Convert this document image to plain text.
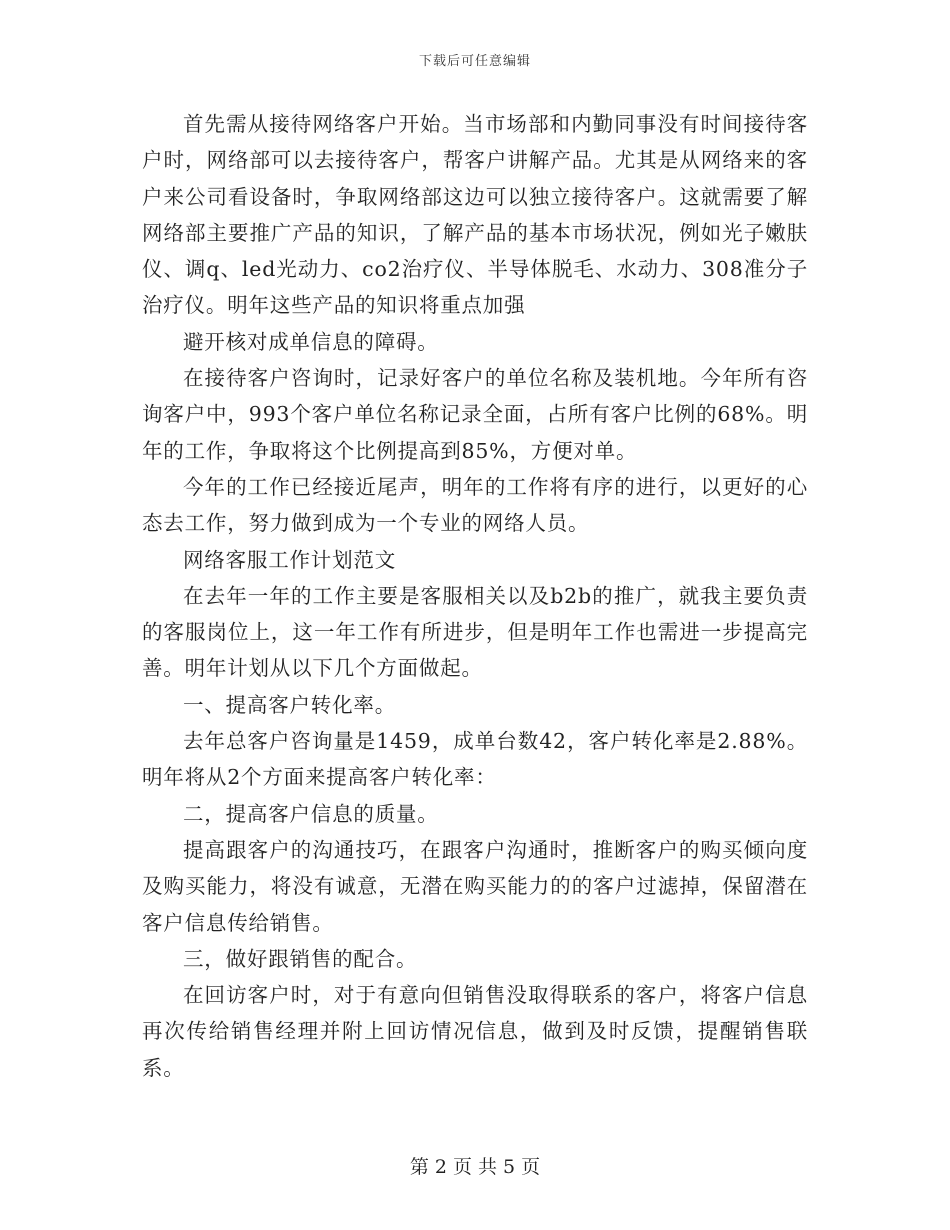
下载后可任意编辑

首先需从接待网络客户开始。当市场部和内勤同事没有时间接待客户时，网络部可以去接待客户，帮客户讲解产品。尤其是从网络来的客户来公司看设备时，争取网络部这边可以独立接待客户。这就需要了解网络部主要推广产品的知识，了解产品的基本市场状况，例如光子嫩肤仪、调q、led光动力、co2治疗仪、半导体脱毛、水动力、308准分子治疗仪。明年这些产品的知识将重点加强

避开核对成单信息的障碍。

在接待客户咨询时，记录好客户的单位名称及装机地。今年所有咨询客户中，993个客户单位名称记录全面，占所有客户比例的68%。明年的工作，争取将这个比例提高到85%，方便对单。

今年的工作已经接近尾声，明年的工作将有序的进行，以更好的心态去工作，努力做到成为一个专业的网络人员。

网络客服工作计划范文

在去年一年的工作主要是客服相关以及b2b的推广，就我主要负责的客服岗位上，这一年工作有所进步，但是明年工作也需进一步提高完善。明年计划从以下几个方面做起。

一、提高客户转化率。

去年总客户咨询量是1459，成单台数42，客户转化率是2.88%。明年将从2个方面来提高客户转化率：

二，提高客户信息的质量。

提高跟客户的沟通技巧，在跟客户沟通时，推断客户的购买倾向度及购买能力，将没有诚意，无潜在购买能力的的客户过滤掉，保留潜在客户信息传给销售。

三，做好跟销售的配合。

在回访客户时，对于有意向但销售没取得联系的客户，将客户信息再次传给销售经理并附上回访情况信息，做到及时反馈，提醒销售联系。

第 2 页 共 5 页
